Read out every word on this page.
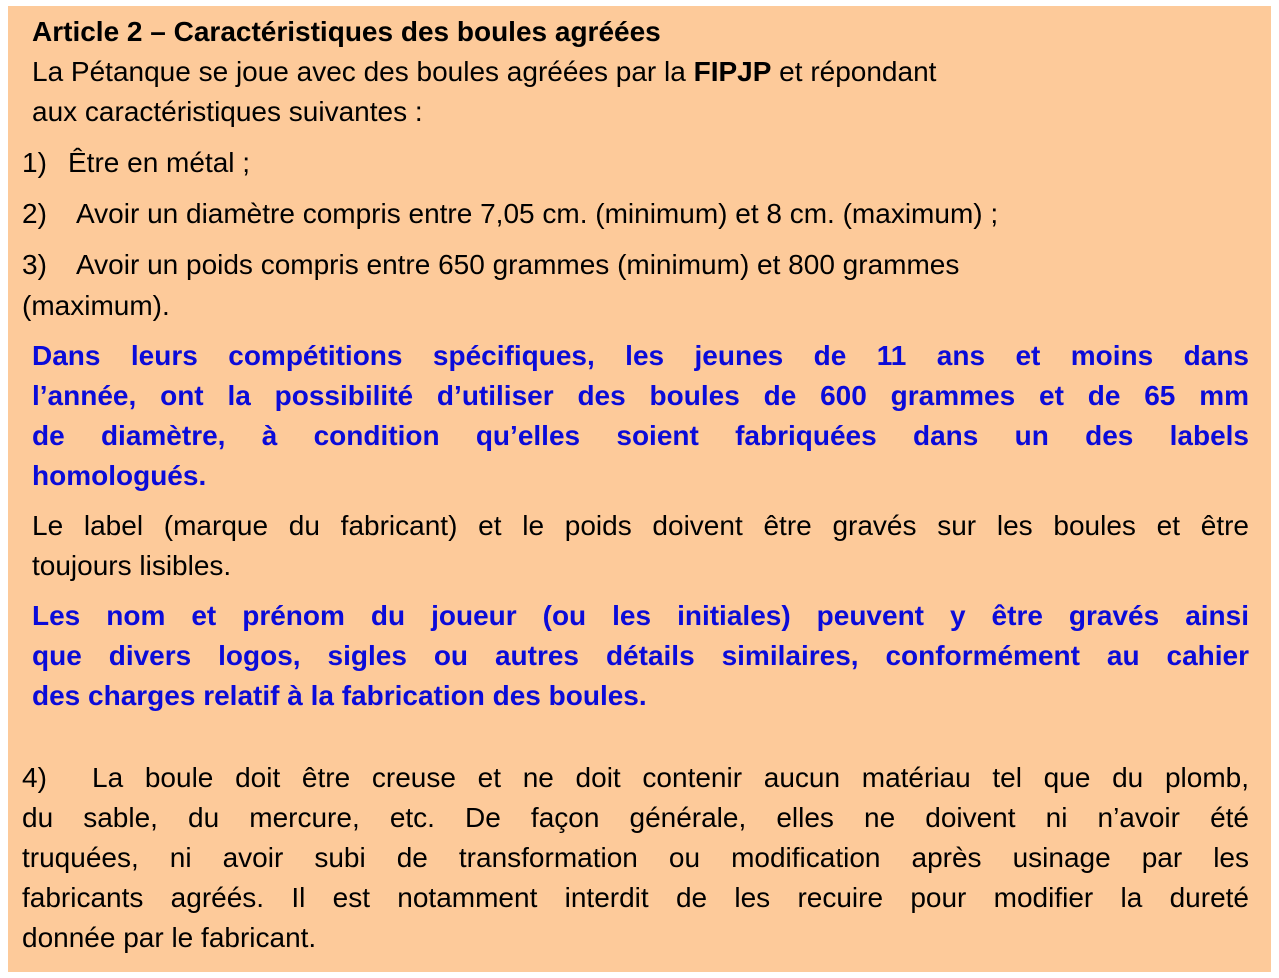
Article 2 – Caractéristiques des boules agréées
La Pétanque se joue avec des boules agréées par la FIPJP et répondant
aux caractéristiques suivantes :
1) Être en métal ;
2) Avoir un diamètre compris entre 7,05 cm. (minimum) et 8 cm. (maximum) ;
3) Avoir un poids compris entre 650 grammes (minimum) et 800 grammes
(maximum).
Dans leurs compétitions spécifiques, les jeunes de 11 ans et moins dans
l’année, ont la possibilité d’utiliser des boules de 600 grammes et de 65 mm
de diamètre, à condition qu’elles soient fabriquées dans un des labels
homologués.
Le label (marque du fabricant) et le poids doivent être gravés sur les boules et être
toujours lisibles.
Les nom et prénom du joueur (ou les initiales) peuvent y être gravés ainsi
que divers logos, sigles ou autres détails similaires, conformément au cahier
des charges relatif à la fabrication des boules.
4)	La boule doit être creuse et ne doit contenir aucun matériau tel que du plomb,
du sable, du mercure, etc. De façon générale, elles ne doivent ni n’avoir été
truquées, ni avoir subi de transformation ou modification après usinage par les
fabricants agréés. Il est notamment interdit de les recuire pour modifier la dureté
donnée par le fabricant.
